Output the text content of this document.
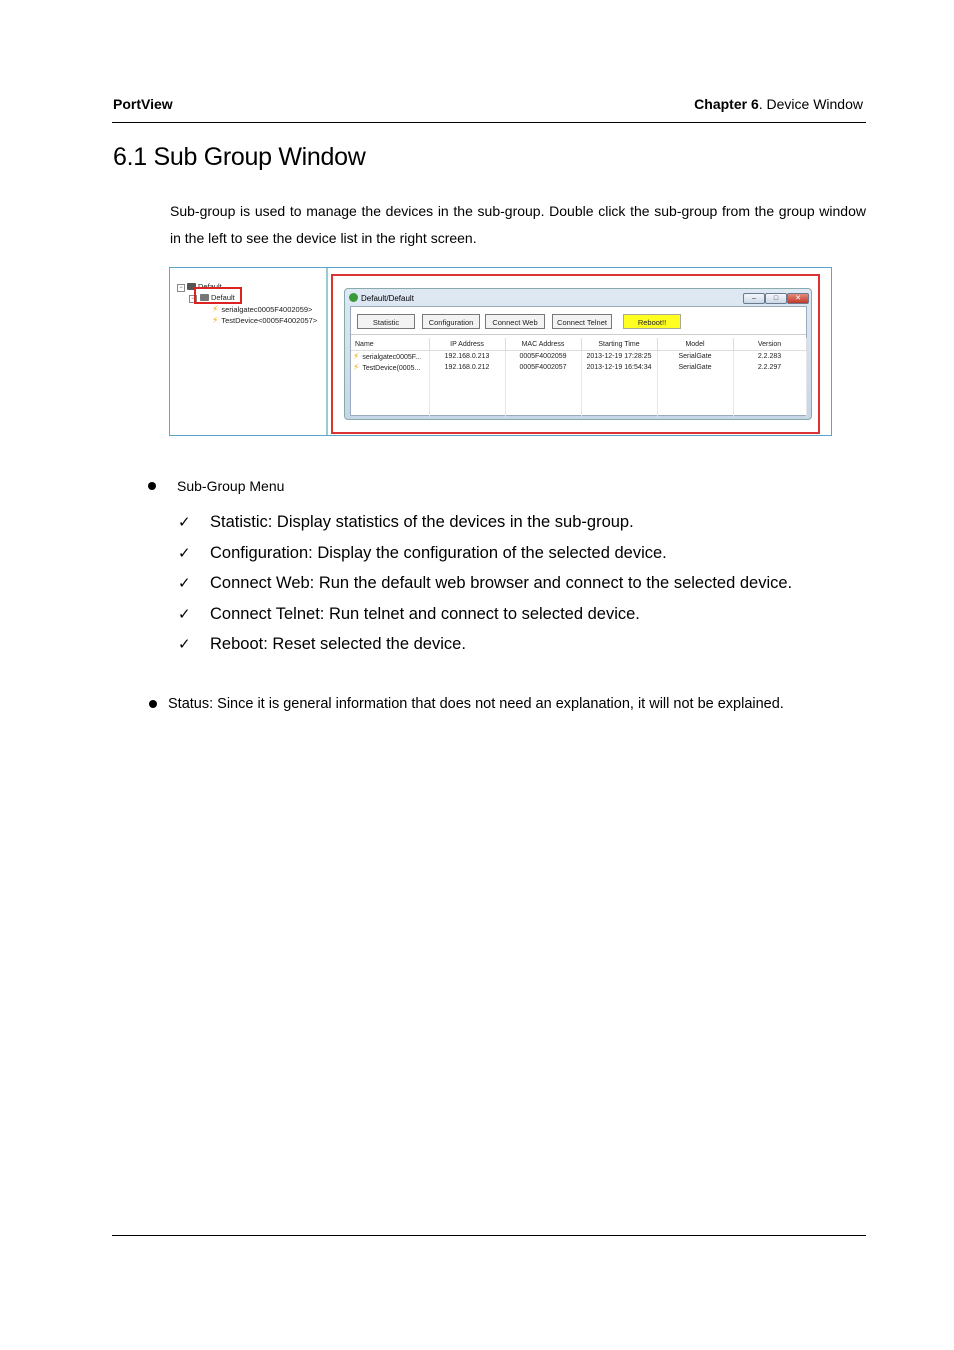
PortView	Chapter 6. Device Window
6.1 Sub Group Window

Sub-group is used to manage the devices in the sub-group. Double click the sub-group from the group window in the left to see the device list in the right screen.

−	Default
−	Default
⚡ serialgatec0005F4002059>
⚡ TestDevice<0005F4002057>
Default/Default	–	□	✕
Statistic	Configuration	Connect Web	Connect Telnet	Reboot!!
Name	IP Address	MAC Address	Starting Time	Model	Version
⚡ serialgatec0005F...	192.168.0.213	0005F4002059	2013-12-19 17:28:25	SerialGate	2.2.283
⚡ TestDevice(0005...	192.168.0.212	0005F4002057	2013-12-19 16:54:34	SerialGate	2.2.297

Sub-Group Menu
✓ Statistic: Display statistics of the devices in the sub-group.
✓ Configuration: Display the configuration of the selected device.
✓ Connect Web: Run the default web browser and connect to the selected device.
✓ Connect Telnet: Run telnet and connect to selected device.
✓ Reboot: Reset selected the device.
Status: Since it is general information that does not need an explanation, it will not be explained.
